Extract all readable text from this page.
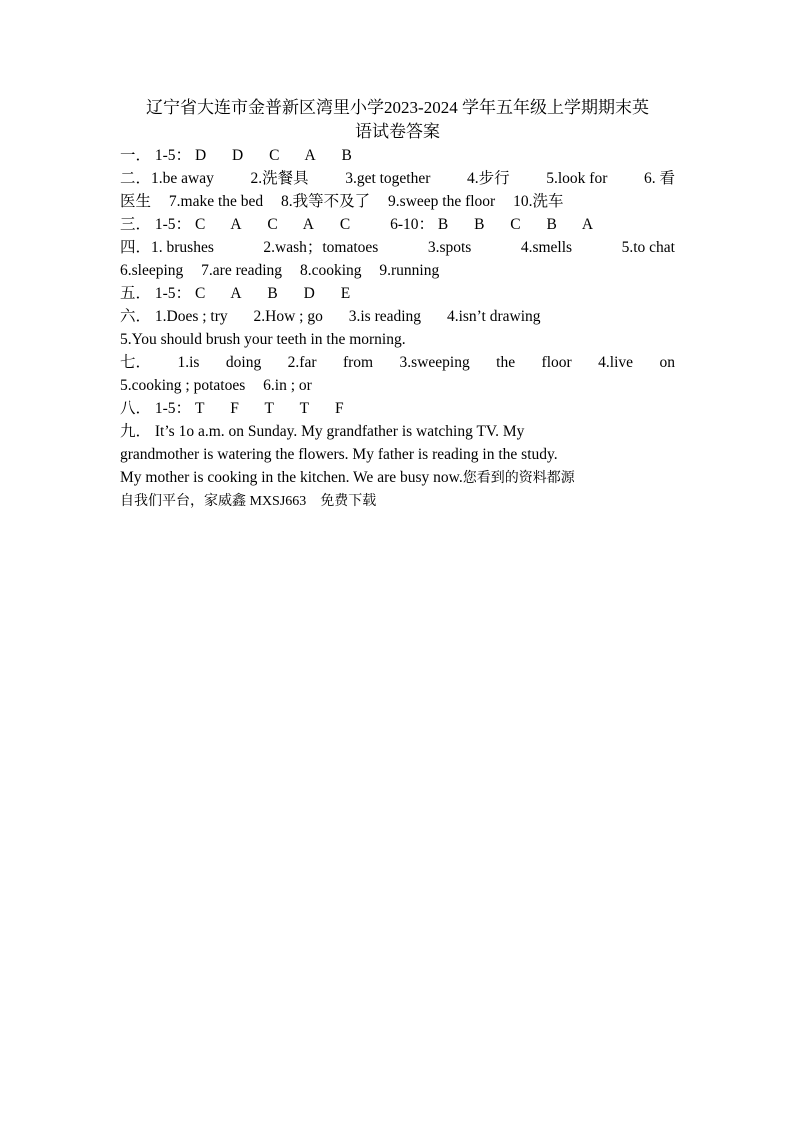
辽宁省大连市金普新区湾里小学2023-2024 学年五年级上学期期末英
语试卷答案
一． 1-5： D D C A B
二．1.be away 2.洗餐具 3.get together 4.步行 5.look for 6. 看
医生 7.make the bed 8.我等不及了 9.sweep the floor 10.洗车
三． 1-5： C A C A C	6-10： B B C B A
四．1. brushes	2.wash；tomatoes	3.spots	4.smells	5.to chat
6.sleeping 7.are reading 8.cooking 9.running
五． 1-5： C A B D E
六． 1.Does ; try 2.How ; go 3.is reading 4.isn’t drawing
5.You should brush your teeth in the morning.
七． 1.is doing 2.far from 3.sweeping the floor 4.live on
5.cooking ; potatoes 6.in ; or
八． 1-5： T F T T F
九． It’s 1o a.m. on Sunday. My grandfather is watching TV. My
grandmother is watering the flowers. My father is reading in the study.
My mother is cooking in the kitchen. We are busy now.您看到的资料都源
自我们平台，家威鑫 MXSJ663　免费下载
